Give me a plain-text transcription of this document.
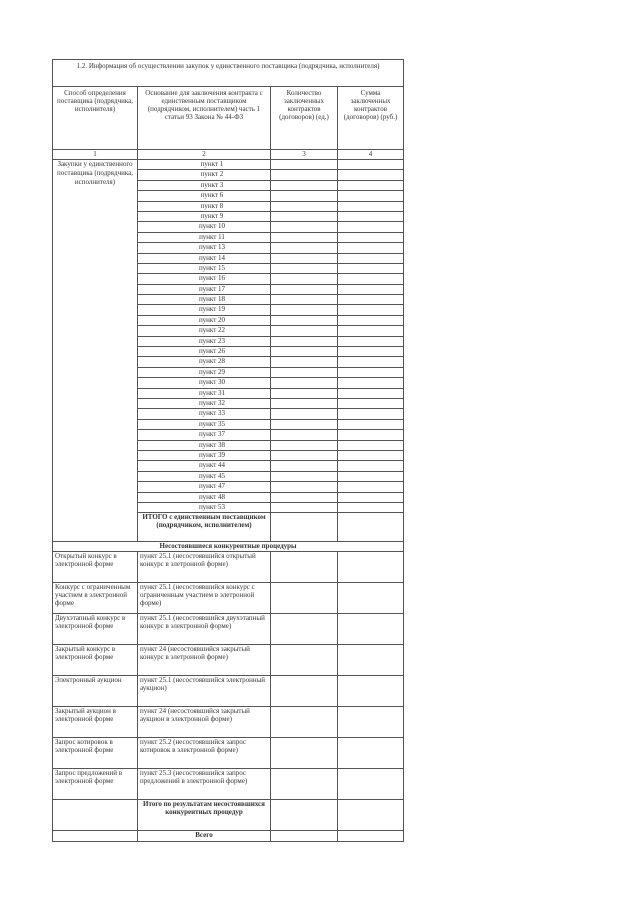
1.2. Информация об осуществлении закупок у единственного поставщика (подрядчика, исполнителя)			
Способ определения поставщика (подрядчика, исполнителя)	Основание для заключения контракта с единственным поставщиком (подрядчиком, исполнителем) часть 1 статьи 93 Закона № 44-ФЗ	Количество заключенных контрактов (договоров) (ед.)	Сумма заключенных контрактов (договоров) (руб.)
1	2	3	4
Закупки у единственного поставщика (подрядчика, исполнителя)	пункт 1		
	пункт 2		
	пункт 3		
	пункт 6		
	пункт 8		
	пункт 9		
	пункт 10		
	пункт 11		
	пункт 13		
	пункт 14		
	пункт 15		
	пункт 16		
	пункт 17		
	пункт 18		
	пункт 19		
	пункт 20		
	пункт 22		
	пункт 23		
	пункт 26		
	пункт 28		
	пункт 29		
	пункт 30		
	пункт 31		
	пункт 32		
	пункт 33		
	пункт 35		
	пункт 37		
	пункт 38		
	пункт 39		
	пункт 44		
	пункт 45		
	пункт 47		
	пункт 48		
	пункт 53		
	ИТОГО с единственным поставщиком (подрядчиком, исполнителем)		
Несостоявшиеся конкурентные процедуры			
Открытый конкурс в электронной форме	пункт 25.1 (несостоявшийся открытый конкурс в элетронной форме)		
Конкурс с ограниченным участием в электронной форме	пункт 25.1 (несостоявшийся конкурс с ограниченным участием в элетронной форме)		
Двухэтапный конкурс в электронной форме	пункт 25.1 (несостоявшийся двухэтапный конкурс в электронной форме)		
Закрытый конкурс в электронной форме	пункт 24 (несостоявшийся закрытый конкурс в элетронной форме)		
Электронный аукцион	пункт 25.1 (несостоявшийся электронный аукцион)		
Закрытый аукцион в электронной форме	пункт 24 (несостоявшийся закрытый аукцион в электронной форме)		
Запрос котировок в электронной форме	пункт 25.2 (несостоявшийся запрос котировок в электронной форме)		
Запрос предложений в электронной форме	пункт 25.3 (несостоявшийся запрос предложений в электронной форме)		
	Итого по результатам несостоявшихся конкурентных процедур		
	Всего		
